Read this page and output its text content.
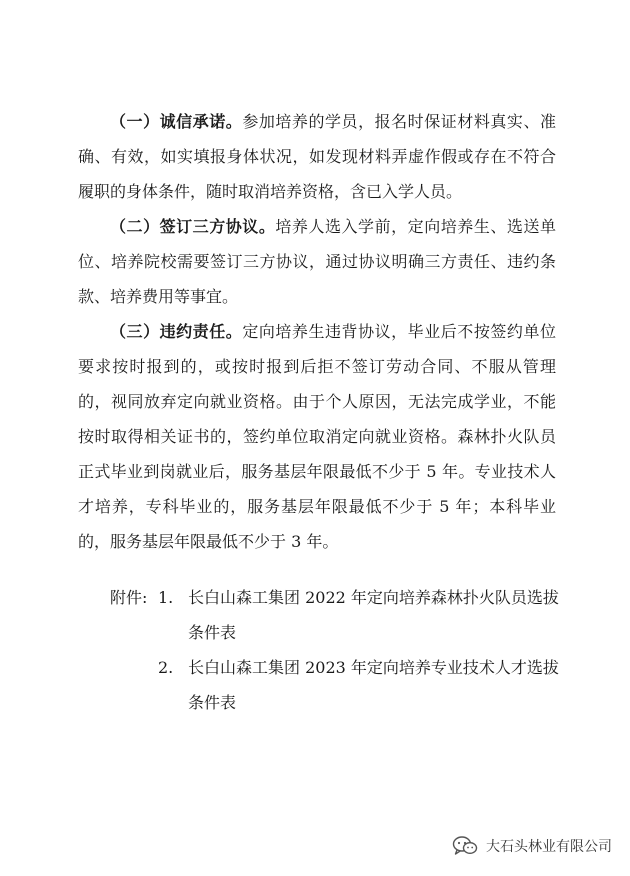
（一）诚信承诺。参加培养的学员，报名时保证材料真实、准确、有效，如实填报身体状况，如发现材料弄虚作假或存在不符合履职的身体条件，随时取消培养资格，含已入学人员。

（二）签订三方协议。培养人选入学前，定向培养生、选送单位、培养院校需要签订三方协议，通过协议明确三方责任、违约条款、培养费用等事宜。

（三）违约责任。定向培养生违背协议，毕业后不按签约单位要求按时报到的，或按时报到后拒不签订劳动合同、不服从管理的，视同放弃定向就业资格。由于个人原因，无法完成学业，不能按时取得相关证书的，签约单位取消定向就业资格。森林扑火队员正式毕业到岗就业后，服务基层年限最低不少于 5 年。专业技术人才培养，专科毕业的，服务基层年限最低不少于 5 年；本科毕业的，服务基层年限最低不少于 3 年。

附件: 1. 长白山森工集团 2022 年定向培养森林扑火队员选拔条件表
2. 长白山森工集团 2023 年定向培养专业技术人才选拔条件表
大石头林业有限公司
